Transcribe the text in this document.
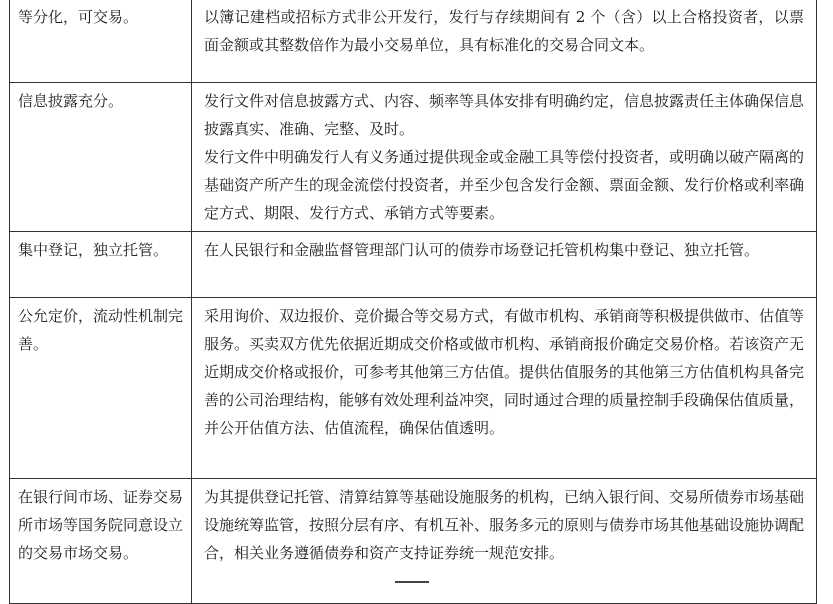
等分化，可交易。	以簿记建档或招标方式非公开发行，发行与存续期间有 2 个（含）以上合格投资者，以票面金额或其整数倍作为最小交易单位，具有标准化的交易合同文本。

信息披露充分。	发行文件对信息披露方式、内容、频率等具体安排有明确约定，信息披露责任主体确保信息披露真实、准确、完整、及时。

发行文件中明确发行人有义务通过提供现金或金融工具等偿付投资者，或明确以破产隔离的基础资产所产生的现金流偿付投资者，并至少包含发行金额、票面金额、发行价格或利率确定方式、期限、发行方式、承销方式等要素。

集中登记，独立托管。	在人民银行和金融监督管理部门认可的债券市场登记托管机构集中登记、独立托管。

公允定价，流动性机制完善。	采用询价、双边报价、竞价撮合等交易方式，有做市机构、承销商等积极提供做市、估值等服务。买卖双方优先依据近期成交价格或做市机构、承销商报价确定交易价格。若该资产无近期成交价格或报价，可参考其他第三方估值。提供估值服务的其他第三方估值机构具备完善的公司治理结构，能够有效处理利益冲突，同时通过合理的质量控制手段确保估值质量，并公开估值方法、估值流程，确保估值透明。

在银行间市场、证券交易所市场等国务院同意设立的交易市场交易。	为其提供登记托管、清算结算等基础设施服务的机构，已纳入银行间、交易所债券市场基础设施统筹监管，按照分层有序、有机互补、服务多元的原则与债券市场其他基础设施协调配合，相关业务遵循债券和资产支持证券统一规范安排。
